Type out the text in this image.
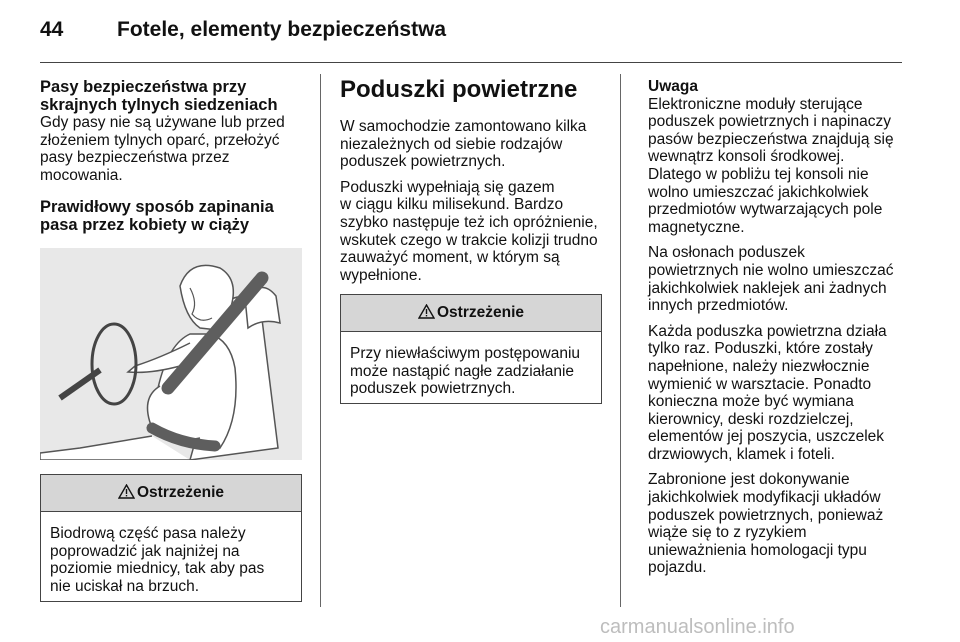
44	Fotele, elementy bezpieczeństwa
Pasy bezpieczeństwa przy
skrajnych tylnych siedzeniach

Gdy pasy nie są używane lub przed
złożeniem tylnych oparć, przełożyć
pasy bezpieczeństwa przez
mocowania.

Prawidłowy sposób zapinania
pasa przez kobiety w ciąży
Ostrzeżenie
Biodrową część pasa należy
poprowadzić jak najniżej na
poziomie miednicy, tak aby pas
nie uciskał na brzuch.
Poduszki powietrzne

W samochodzie zamontowano kilka
niezależnych od siebie rodzajów
poduszek powietrznych.

Poduszki wypełniają się gazem
w ciągu kilku milisekund. Bardzo
szybko następuje też ich opróżnienie,
wskutek czego w trakcie kolizji trudno
zauważyć moment, w którym są
wypełnione.

Ostrzeżenie
Przy niewłaściwym postępowaniu
może nastąpić nagłe zadziałanie
poduszek powietrznych.

Uwaga
Elektroniczne moduły sterujące
poduszek powietrznych i napinaczy
pasów bezpieczeństwa znajdują się
wewnątrz konsoli środkowej.
Dlatego w pobliżu tej konsoli nie
wolno umieszczać jakichkolwiek
przedmiotów wytwarzających pole
magnetyczne.

Na osłonach poduszek
powietrznych nie wolno umieszczać
jakichkolwiek naklejek ani żadnych
innych przedmiotów.

Każda poduszka powietrzna działa
tylko raz. Poduszki, które zostały
napełnione, należy niezwłocznie
wymienić w warsztacie. Ponadto
konieczna może być wymiana
kierownicy, deski rozdzielczej,
elementów jej poszycia, uszczelek
drzwiowych, klamek i foteli.

Zabronione jest dokonywanie
jakichkolwiek modyfikacji układów
poduszek powietrznych, ponieważ
wiąże się to z ryzykiem
unieważnienia homologacji typu
pojazdu.

carmanualsonline.info
